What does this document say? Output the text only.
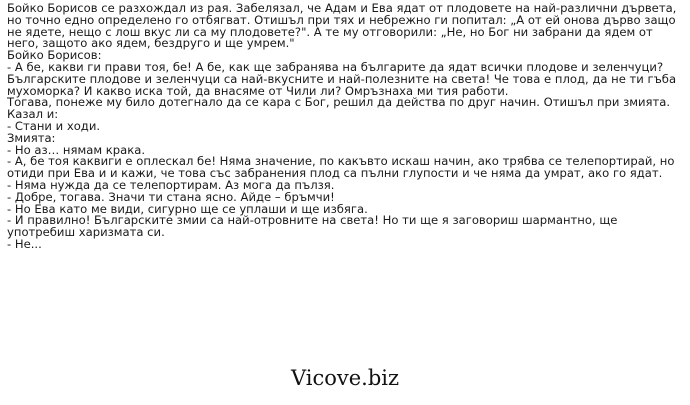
Бойко Борисов се разхождал из рая. Забелязал, че Адам и Ева ядат от плодовете на най-различни дървета, но точно едно определено го отбягват. Отишъл при тях и небрежно ги попитал: „А от ей онова дърво защо не ядете, нещо с лош вкус ли са му плодовете?". А те му отговорили: „Не, но Бог ни забрани да ядем от него, защото ако ядем, бездруго и ще умрем."

Бойко Борисов:

- А бе, какви ги прави тоя, бе! А бе, как ще забранява на българите да ядат всички плодове и зеленчуци? Българските плодове и зеленчуци са най-вкусните и най-полезните на света! Че това е плод, да не ти гъба мухоморка? И какво иска той, да внасяме от Чили ли? Омръзнаха ми тия работи.

Тогава, понеже му било дотегнало да се кара с Бог, решил да действа по друг начин. Отишъл при змията. Казал и:

- Стани и ходи.

Змията:

- Но аз… нямам крака.

- А, бе тоя каквиги е оплескал бе! Няма значение, по какъвто искаш начин, ако трябва се телепортирай, но отиди при Ева и и кажи, че това със забранения плод са пълни глупости и че няма да умрат, ако го ядат.

- Няма нужда да се телепортирам. Аз мога да пълзя.

- Добре, тогава. Значи ти стана ясно. Айде – бръмчи!

- Но Ева като ме види, сигурно ще се уплаши и ще избяга.

- И правилно! Българските змии са най-отровните на света! Но ти ще я заговориш шармантно, ще употребиш харизмата си.

- Не...

Vicove.biz
